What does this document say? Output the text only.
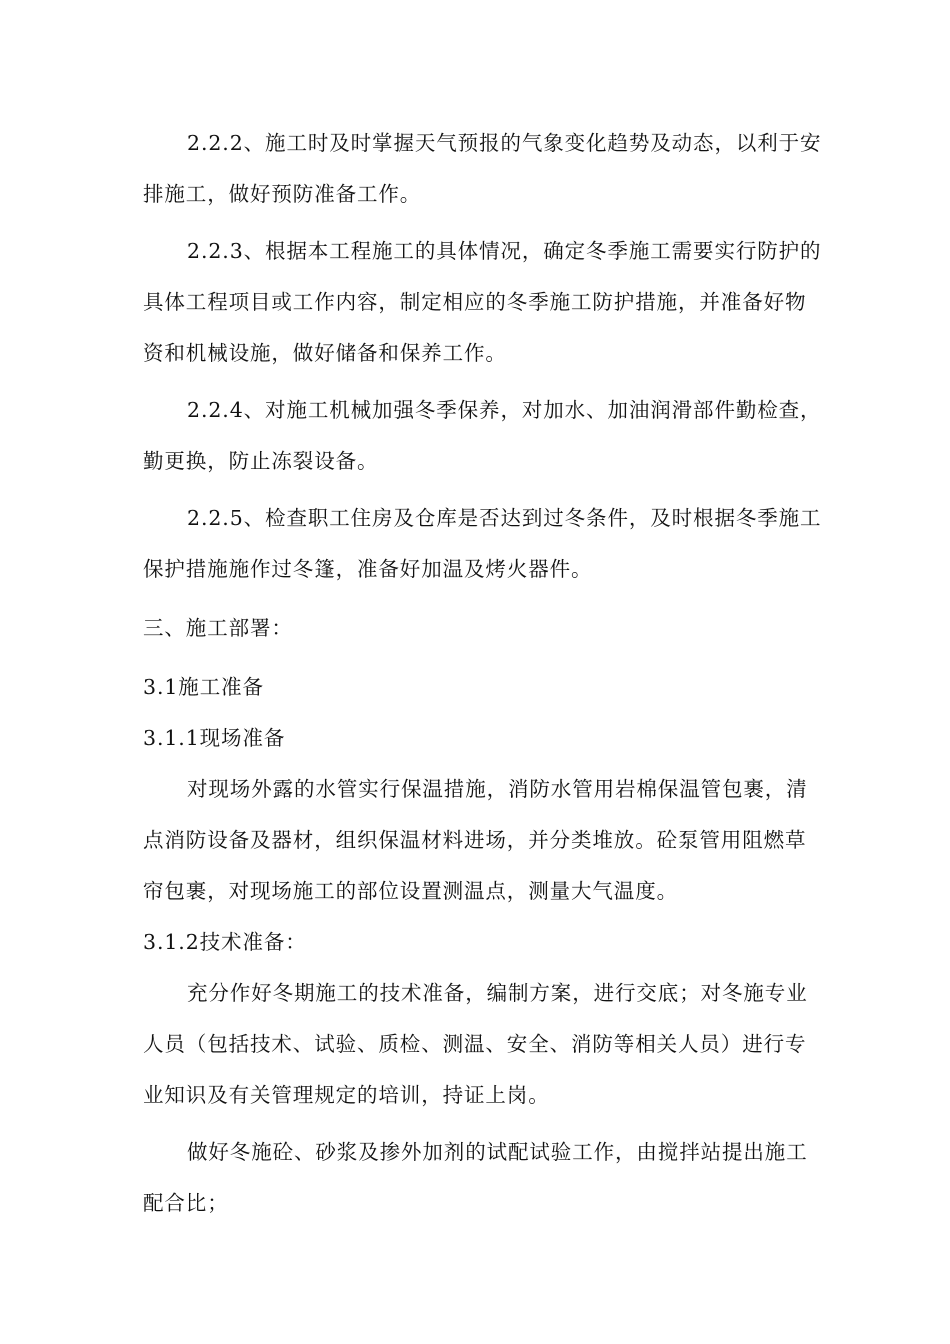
2.2.2、施工时及时掌握天气预报的气象变化趋势及动态，以利于安排施工，做好预防准备工作。

2.2.3、根据本工程施工的具体情况，确定冬季施工需要实行防护的具体工程项目或工作内容，制定相应的冬季施工防护措施，并准备好物资和机械设施，做好储备和保养工作。

2.2.4、对施工机械加强冬季保养，对加水、加油润滑部件勤检查，勤更换，防止冻裂设备。

2.2.5、检查职工住房及仓库是否达到过冬条件，及时根据冬季施工保护措施施作过冬篷，准备好加温及烤火器件。

三、施工部署：

3.1施工准备

3.1.1现场准备

对现场外露的水管实行保温措施，消防水管用岩棉保温管包裹，清点消防设备及器材，组织保温材料进场，并分类堆放。砼泵管用阻燃草帘包裹，对现场施工的部位设置测温点，测量大气温度。

3.1.2技术准备：

充分作好冬期施工的技术准备，编制方案，进行交底；对冬施专业人员（包括技术、试验、质检、测温、安全、消防等相关人员）进行专业知识及有关管理规定的培训，持证上岗。

做好冬施砼、砂浆及掺外加剂的试配试验工作，由搅拌站提出施工配合比；
